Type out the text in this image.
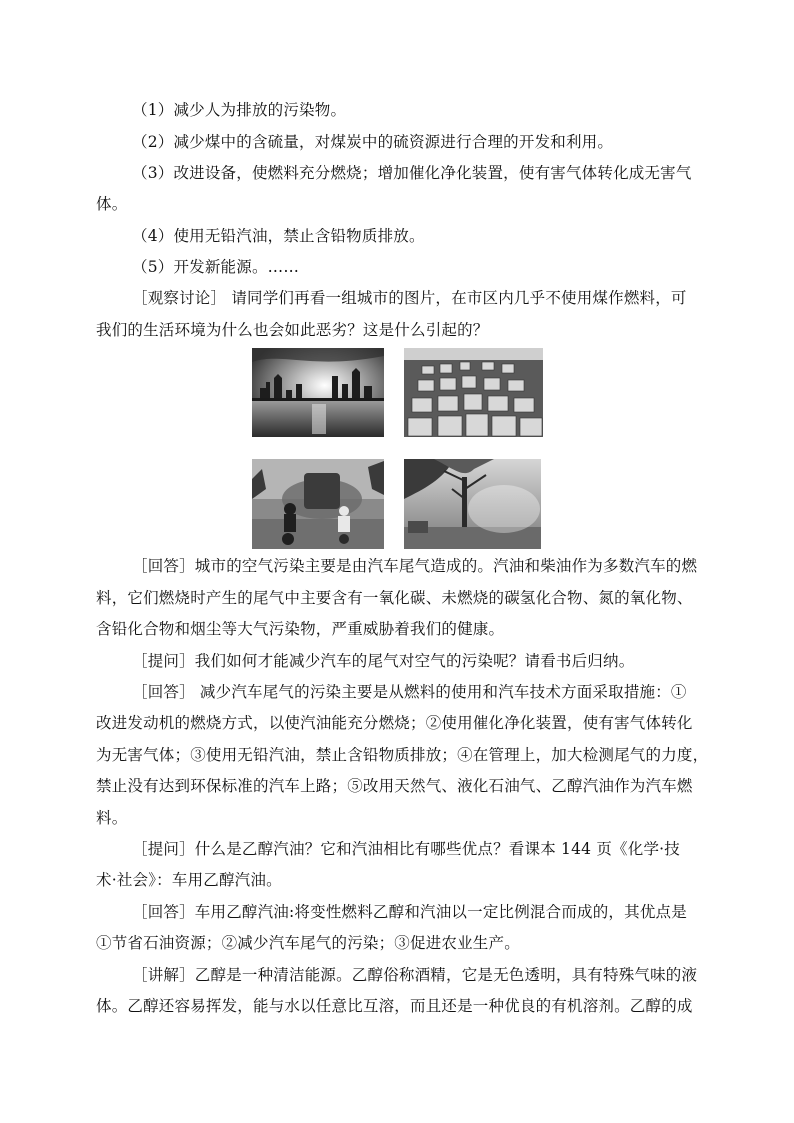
（1）减少人为排放的污染物。

（2）减少煤中的含硫量，对煤炭中的硫资源进行合理的开发和利用。

（3）改进设备，使燃料充分燃烧；增加催化净化装置，使有害气体转化成无害气

体。

（4）使用无铅汽油，禁止含铅物质排放。

（5）开发新能源。……

［观察讨论］ 请同学们再看一组城市的图片，在市区内几乎不使用煤作燃料，可

我们的生活环境为什么也会如此恶劣？这是什么引起的？

［回答］城市的空气污染主要是由汽车尾气造成的。汽油和柴油作为多数汽车的燃

料，它们燃烧时产生的尾气中主要含有一氧化碳、未燃烧的碳氢化合物、氮的氧化物、

含铅化合物和烟尘等大气污染物，严重威胁着我们的健康。

［提问］我们如何才能减少汽车的尾气对空气的污染呢？请看书后归纳。

［回答］ 减少汽车尾气的污染主要是从燃料的使用和汽车技术方面采取措施：①

改进发动机的燃烧方式，以使汽油能充分燃烧；②使用催化净化装置，使有害气体转化

为无害气体；③使用无铅汽油，禁止含铅物质排放；④在管理上，加大检测尾气的力度，

禁止没有达到环保标准的汽车上路；⑤改用天然气、液化石油气、乙醇汽油作为汽车燃

料。

［提问］什么是乙醇汽油？它和汽油相比有哪些优点？看课本 144 页《化学·技

术·社会》：车用乙醇汽油。

［回答］车用乙醇汽油:将变性燃料乙醇和汽油以一定比例混合而成的，其优点是

①节省石油资源；②减少汽车尾气的污染；③促进农业生产。

［讲解］乙醇是一种清洁能源。乙醇俗称酒精，它是无色透明，具有特殊气味的液

体。乙醇还容易挥发，能与水以任意比互溶，而且还是一种优良的有机溶剂。乙醇的成
